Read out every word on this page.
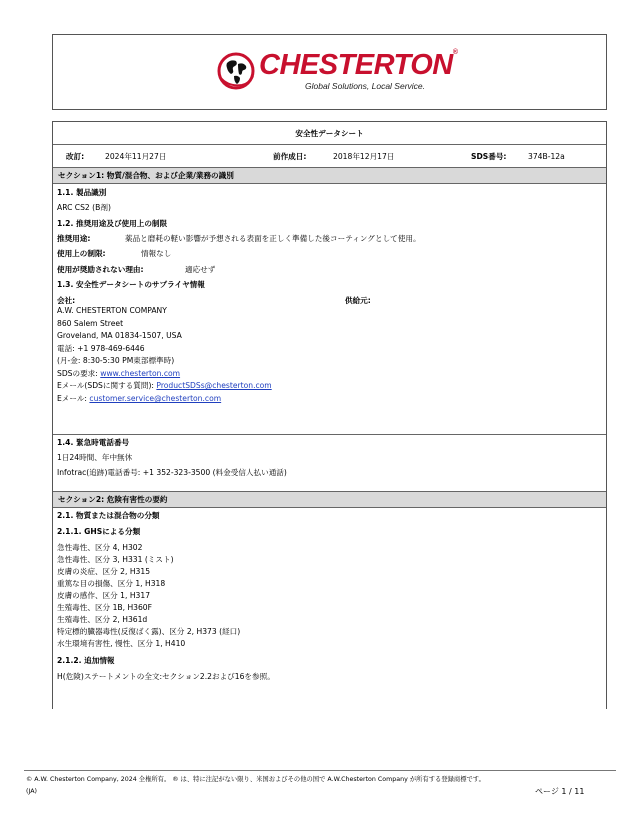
CHESTERTON®
Global Solutions, Local Service.
安全性データシート
改訂:	2024年11月27日	前作成日:	2018年12月17日	SDS番号:	374B-12a
セクション1: 物質/混合物、および企業/業務の識別
1.1. 製品識別
ARC CS2 (B剤)
1.2. 推奨用途及び使用上の制限
推奨用途:	薬品と磨耗の軽い影響が予想される表面を正しく準備した後コーティングとして使用。
使用上の制限:	情報なし
使用が奨励されない理由:	適応せず
1.3. 安全性データシートのサプライヤ情報
会社:	供給元:
A.W. CHESTERTON COMPANY
860 Salem Street
Groveland, MA 01834-1507, USA
電話: +1 978-469-6446
(月-金: 8:30-5:30 PM東部標準時)
SDSの要求: www.chesterton.com
Eメール(SDSに関する質問): ProductSDSs@chesterton.com
Eメール: customer.service@chesterton.com
1.4. 緊急時電話番号
1日24時間、年中無休
Infotrac(追跡)電話番号: +1 352-323-3500 (料金受信人払い通話)
セクション2: 危険有害性の要約
2.1. 物質または混合物の分類
2.1.1. GHSによる分類
急性毒性、区分 4, H302
急性毒性、区分 3, H331 (ミスト)
皮膚の炎症、区分 2, H315
重篤な目の損傷、区分 1, H318
皮膚の感作、区分 1, H317
生殖毒性、区分 1B, H360F
生殖毒性、区分 2, H361d
特定標的臓器毒性(反復ばく露)、区分 2, H373 (経口)
水生環境有害性, 慢性、区分 1, H410
2.1.2. 追加情報
H(危険)ステートメントの全文:セクション2.2および16を参照。
© A.W. Chesterton Company, 2024 全権所有。 ® は、特に注記がない限り、米国およびその他の国で A.W.Chesterton Company が所有する登録商標です。
(JA)	ページ 1 / 11
